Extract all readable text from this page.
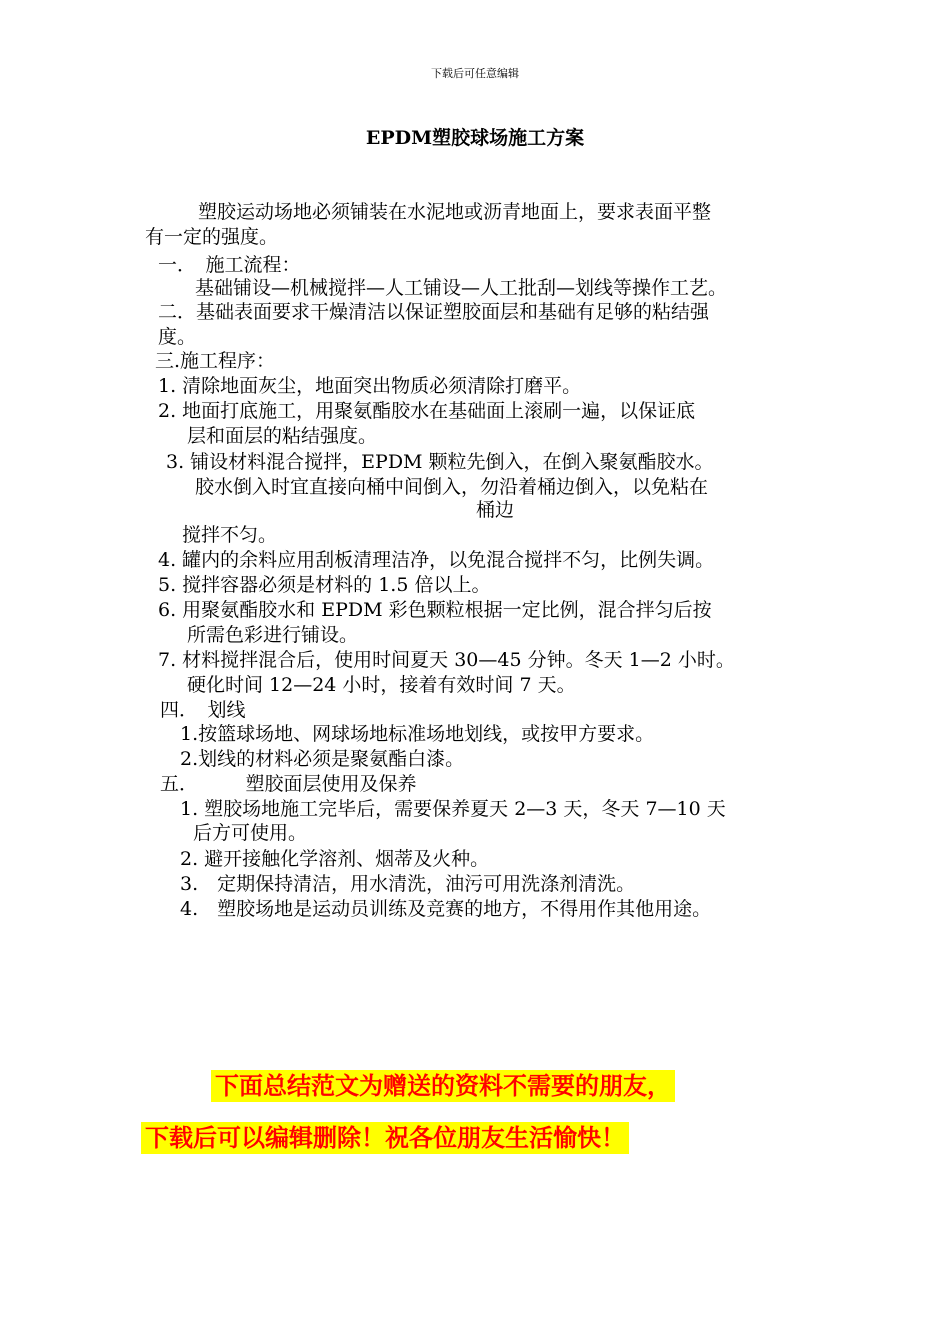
下载后可任意编辑
EPDM塑胶球场施工方案
塑胶运动场地必须铺装在水泥地或沥青地面上，要求表面平整
有一定的强度。
一．　施工流程：
基础铺设—机械搅拌—人工铺设—人工批刮—划线等操作工艺。
二．基础表面要求干燥清洁以保证塑胶面层和基础有足够的粘结强
度。
三.施工程序：
1. 清除地面灰尘，地面突出物质必须清除打磨平。
2. 地面打底施工，用聚氨酯胶水在基础面上滚刷一遍，以保证底
层和面层的粘结强度。
3. 铺设材料混合搅拌，EPDM 颗粒先倒入，在倒入聚氨酯胶水。
胶水倒入时宜直接向桶中间倒入，勿沿着桶边倒入，以免粘在
桶边
搅拌不匀。
4. 罐内的余料应用刮板清理洁净，以免混合搅拌不匀，比例失调。
5. 搅拌容器必须是材料的 1.5 倍以上。
6. 用聚氨酯胶水和 EPDM 彩色颗粒根据一定比例，混合拌匀后按
所需色彩进行铺设。
7. 材料搅拌混合后，使用时间夏天 30—45 分钟。冬天 1—2 小时。
硬化时间 12—24 小时，接着有效时间 7 天。
四．　划线
1.按篮球场地、网球场地标准场地划线，或按甲方要求。
2.划线的材料必须是聚氨酯白漆。
五．　　　塑胶面层使用及保养
1. 塑胶场地施工完毕后，需要保养夏天 2—3 天，冬天 7—10 天
后方可使用。
2. 避开接触化学溶剂、烟蒂及火种。
3.　定期保持清洁，用水清洗，油污可用洗涤剂清洗。
4.　塑胶场地是运动员训练及竞赛的地方，不得用作其他用途。
下面总结范文为赠送的资料不需要的朋友，
下载后可以编辑删除！祝各位朋友生活愉快！
